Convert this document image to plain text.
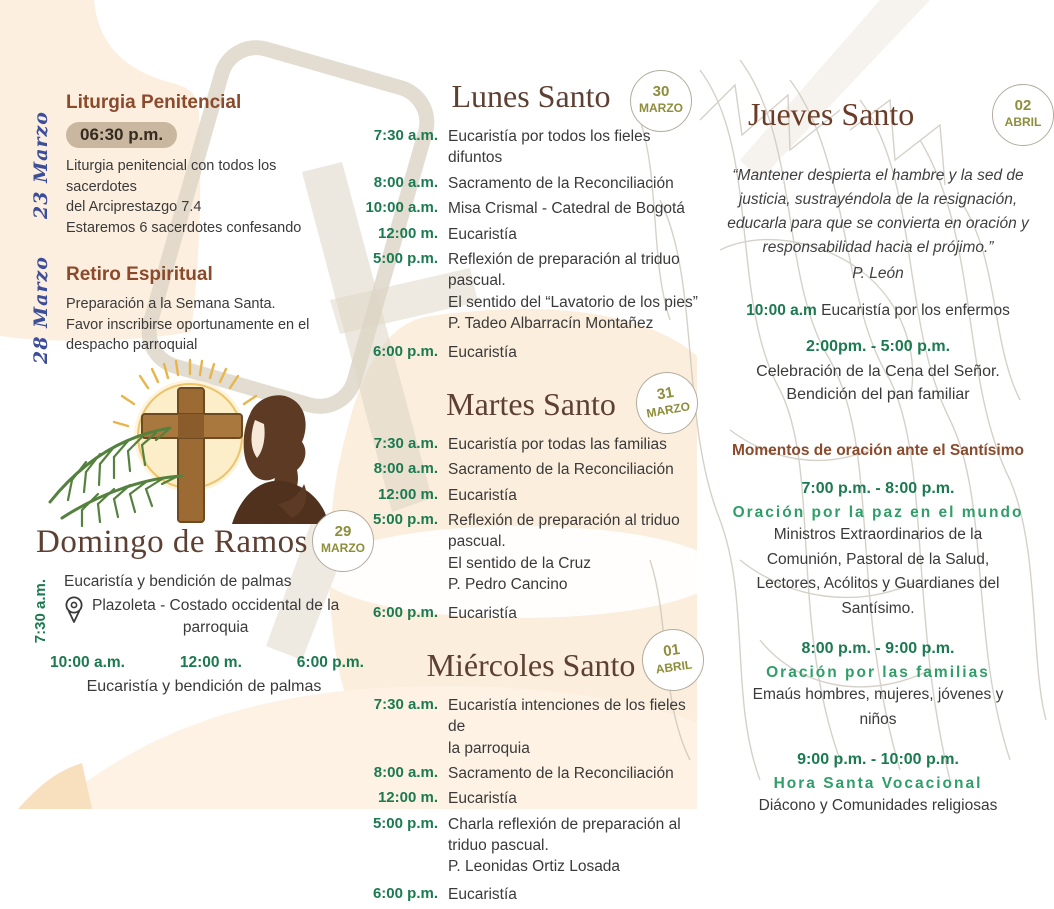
23 Marzo
Liturgia Penitencial
06:30 p.m.
Liturgia penitencial con todos los sacerdotes
del Arciprestazgo 7.4
Estaremos 6 sacerdotes confesando
28 Marzo Retiro Espiritual
Preparación a la Semana Santa.
Favor inscribirse oportunamente en el
despacho parroquial
Domingo de Ramos	29
MARZO
7:30 a.m. Eucaristía y bendición de palmas
Plazoleta - Costado occidental de la
parroquia
10:00 a.m.	12:00 m.	6:00 p.m.
Eucaristía y bendición de palmas
Lunes Santo	30
MARZO
7:30 a.m. Eucaristía por todos los fieles difuntos
8:00 a.m. Sacramento de la Reconciliación
10:00 a.m. Misa Crismal - Catedral de Bogotá
12:00 m. Eucaristía
5:00 p.m. Reflexión de preparación al triduo
pascual.
El sentido del “Lavatorio de los pies”
P. Tadeo Albarracín Montañez
6:00 p.m. Eucaristía
Martes Santo	31
MARZO
7:30 a.m. Eucaristía por todas las familias
8:00 a.m. Sacramento de la Reconciliación
12:00 m. Eucaristía
5:00 p.m. Reflexión de preparación al triduo
pascual.
El sentido de la Cruz
P. Pedro Cancino
6:00 p.m. Eucaristía
Miércoles Santo	01
ABRIL
7:30 a.m. Eucaristía intenciones de los fieles de
la parroquia
8:00 a.m. Sacramento de la Reconciliación
12:00 m. Eucaristía
5:00 p.m. Charla reflexión de preparación al
triduo pascual.
P. Leonidas Ortiz Losada
6:00 p.m. Eucaristía
Jueves Santo	02
ABRIL
“Mantener despierta el hambre y la sed de
justicia, sustrayéndola de la resignación,
educarla para que se convierta en oración y
responsabilidad hacia el prójimo.”
P. León
10:00 a.m Eucaristía por los enfermos
2:00pm. - 5:00 p.m.
Celebración de la Cena del Señor.
Bendición del pan familiar
Momentos de oración ante el Santísimo
7:00 p.m. - 8:00 p.m.
Oración por la paz en el mundo
Ministros Extraordinarios de la
Comunión, Pastoral de la Salud,
Lectores, Acólitos y Guardianes del
Santísimo.
8:00 p.m. - 9:00 p.m.
Oración por las familias
Emaús hombres, mujeres, jóvenes y
niños
9:00 p.m. - 10:00 p.m.
Hora Santa Vocacional
Diácono y Comunidades religiosas
